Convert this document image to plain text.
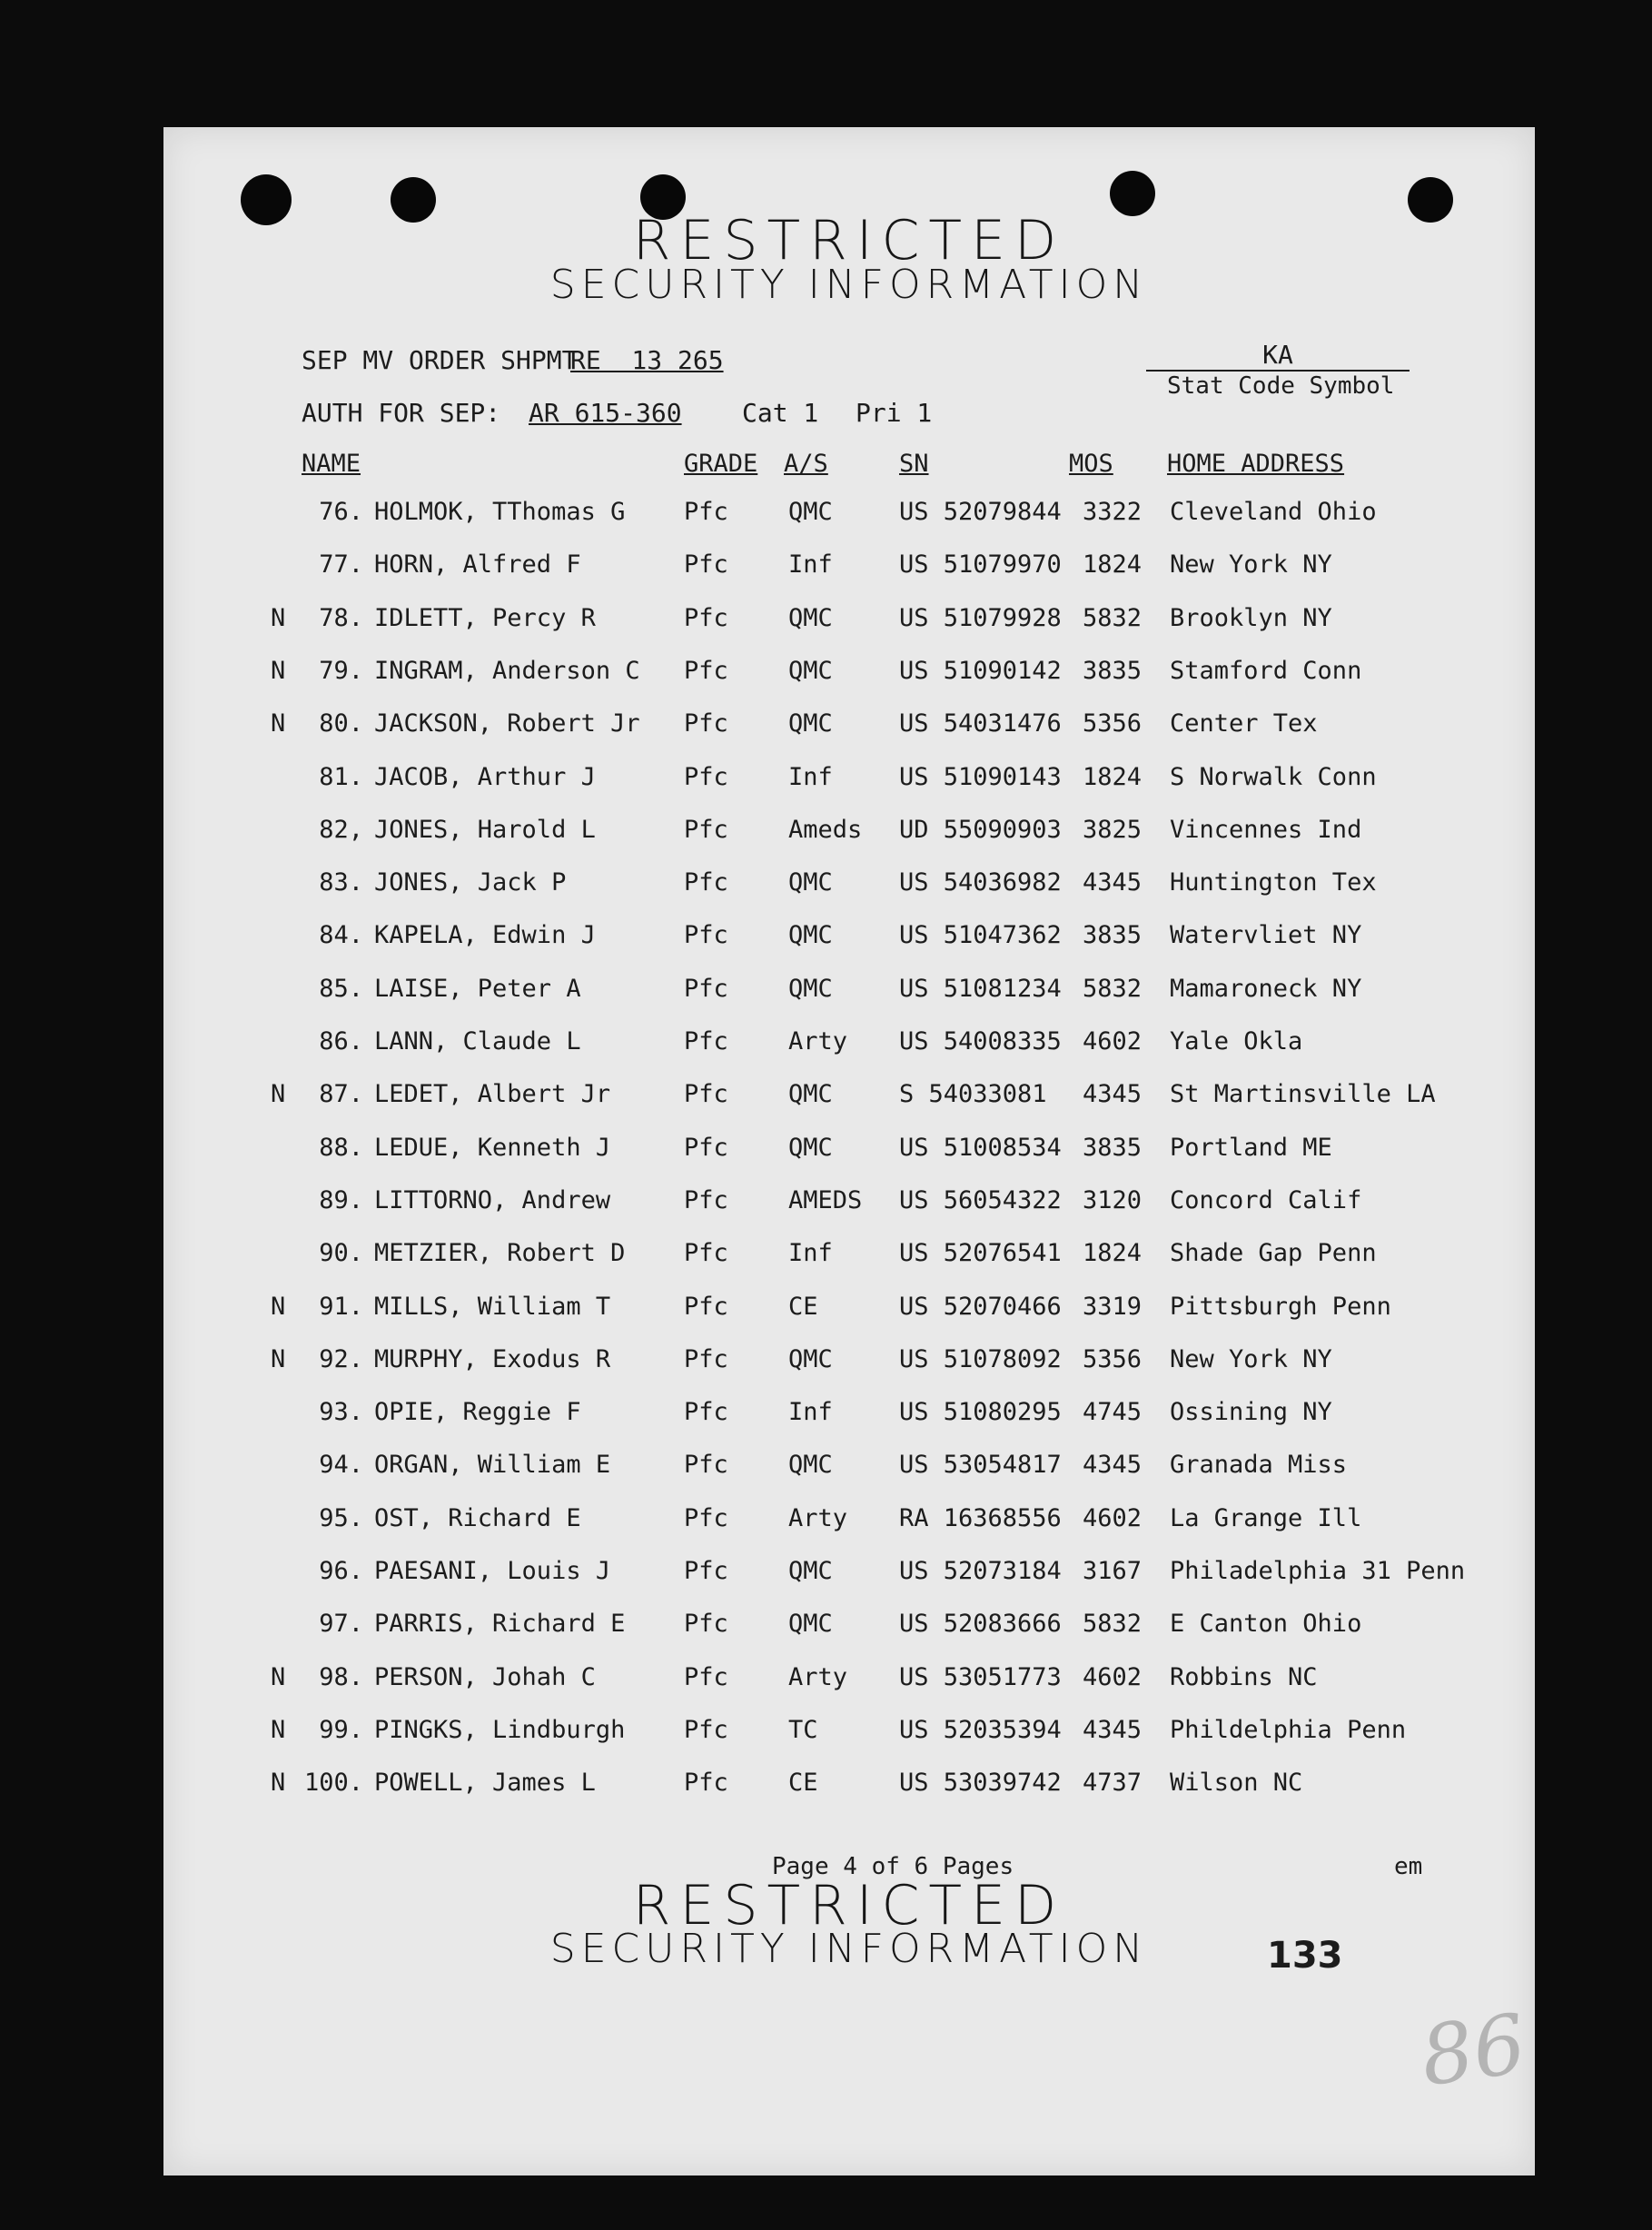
RESTRICTED
SECURITY INFORMATION
SEP MV ORDER SHPMT
RE  13 265
AUTH FOR SEP: AR 615-360 Cat 1 Pri 1
KA
Stat Code Symbol
NAME	GRADE A/S	SN	MOS HOME ADDRESS
76. HOLMOK, TThomas G Pfc QMC	US 52079844 3322 Cleveland Ohio
77. HORN, Alfred F	Pfc Inf	US 51079970 1824 New York NY
N	78. IDLETT, Percy R	Pfc QMC	US 51079928 5832 Brooklyn NY
N	79. INGRAM, Anderson C Pfc QMC	US 51090142 3835 Stamford Conn
N	80. JACKSON, Robert Jr Pfc QMC	US 54031476 5356 Center Tex
81. JACOB, Arthur J	Pfc Inf	US 51090143 1824 S Norwalk Conn
82, JONES, Harold L	Pfc Ameds UD 55090903 3825 Vincennes Ind
83. JONES, Jack P	Pfc QMC	US 54036982 4345 Huntington Tex
84. KAPELA, Edwin J	Pfc QMC	US 51047362 3835 Watervliet NY
85. LAISE, Peter A	Pfc QMC	US 51081234 5832 Mamaroneck NY
86. LANN, Claude L	Pfc Arty US 54008335 4602 Yale Okla
N	87. LEDET, Albert Jr	Pfc QMC	S 54033081 4345 St Martinsville LA
88. LEDUE, Kenneth J	Pfc QMC	US 51008534 3835 Portland ME
89. LITTORNO, Andrew	Pfc AMEDS US 56054322 3120 Concord Calif
90. METZIER, Robert D Pfc Inf	US 52076541 1824 Shade Gap Penn
N	91. MILLS, William T	Pfc CE	US 52070466 3319 Pittsburgh Penn
N	92. MURPHY, Exodus R	Pfc QMC	US 51078092 5356 New York NY
93. OPIE, Reggie F	Pfc Inf	US 51080295 4745 Ossining NY
94. ORGAN, William E	Pfc QMC	US 53054817 4345 Granada Miss
95. OST, Richard E	Pfc Arty RA 16368556 4602 La Grange Ill
96. PAESANI, Louis J	Pfc QMC	US 52073184 3167 Philadelphia 31 Penn
97. PARRIS, Richard E Pfc QMC	US 52083666 5832 E Canton Ohio
N	98. PERSON, Johah C	Pfc Arty US 53051773 4602 Robbins NC
N	99. PINGKS, Lindburgh Pfc TC	US 52035394 4345 Phildelphia Penn
N 100. POWELL, James L	Pfc CE	US 53039742 4737 Wilson NC
Page 4 of 6 Pages	em
RESTRICTED
SECURITY INFORMATION	133
86
